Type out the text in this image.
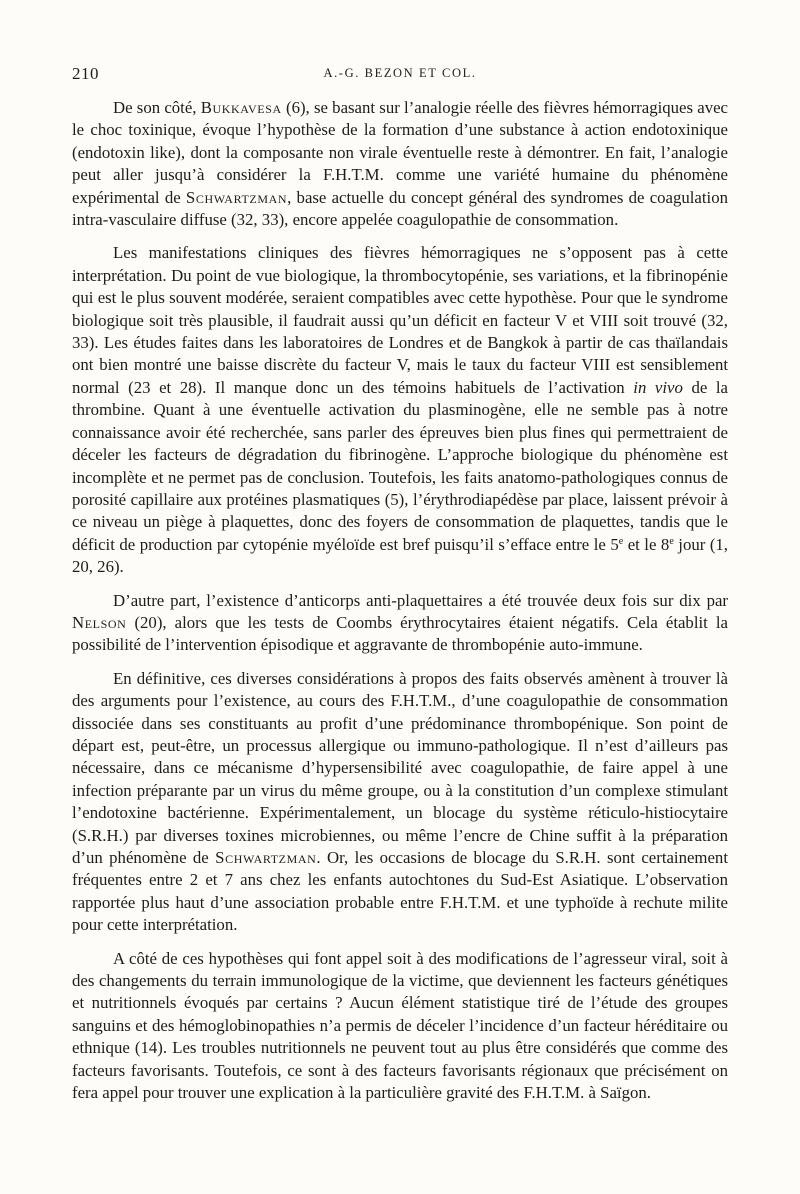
210	A.-G. BEZON ET COL.

De son côté, Bukkavesa (6), se basant sur l’analogie réelle des fièvres hémorragiques avec le choc toxinique, évoque l’hypothèse de la formation d’une substance à action endotoxinique (endotoxin like), dont la composante non virale éventuelle reste à démontrer. En fait, l’analogie peut aller jusqu’à considérer la F.H.T.M. comme une variété humaine du phénomène expérimental de Schwartzman, base actuelle du concept général des syndromes de coagulation intra-vasculaire diffuse (32, 33), encore appelée coagulopathie de consommation.

Les manifestations cliniques des fièvres hémorragiques ne s’opposent pas à cette interprétation. Du point de vue biologique, la thrombocytopénie, ses variations, et la fibrinopénie qui est le plus souvent modérée, seraient compatibles avec cette hypothèse. Pour que le syndrome biologique soit très plausible, il faudrait aussi qu’un déficit en facteur V et VIII soit trouvé (32, 33). Les études faites dans les laboratoires de Londres et de Bangkok à partir de cas thaïlandais ont bien montré une baisse discrète du facteur V, mais le taux du facteur VIII est sensiblement normal (23 et 28). Il manque donc un des témoins habituels de l’activation in vivo de la thrombine. Quant à une éventuelle activation du plasminogène, elle ne semble pas à notre connaissance avoir été recherchée, sans parler des épreuves bien plus fines qui permettraient de déceler les facteurs de dégradation du fibrinogène. L’approche biologique du phénomène est incomplète et ne permet pas de conclusion. Toutefois, les faits anatomo-pathologiques connus de porosité capillaire aux protéines plasmatiques (5), l’érythrodiapédèse par place, laissent prévoir à ce niveau un piège à plaquettes, donc des foyers de consommation de plaquettes, tandis que le déficit de production par cytopénie myéloïde est bref puisqu’il s’efface entre le 5e et le 8e jour (1, 20, 26).

D’autre part, l’existence d’anticorps anti-plaquettaires a été trouvée deux fois sur dix par Nelson (20), alors que les tests de Coombs érythrocytaires étaient négatifs. Cela établit la possibilité de l’intervention épisodique et aggravante de thrombopénie auto-immune.

En définitive, ces diverses considérations à propos des faits observés amènent à trouver là des arguments pour l’existence, au cours des F.H.T.M., d’une coagulopathie de consommation dissociée dans ses constituants au profit d’une prédominance thrombopénique. Son point de départ est, peut-être, un processus allergique ou immuno-pathologique. Il n’est d’ailleurs pas nécessaire, dans ce mécanisme d’hypersensibilité avec coagulopathie, de faire appel à une infection préparante par un virus du même groupe, ou à la constitution d’un complexe stimulant l’endotoxine bactérienne. Expérimentalement, un blocage du système réticulo-histiocytaire (S.R.H.) par diverses toxines microbiennes, ou même l’encre de Chine suffit à la préparation d’un phénomène de Schwartzman. Or, les occasions de blocage du S.R.H. sont certainement fréquentes entre 2 et 7 ans chez les enfants autochtones du Sud-Est Asiatique. L’observation rapportée plus haut d’une association probable entre F.H.T.M. et une typhoïde à rechute milite pour cette interprétation.

A côté de ces hypothèses qui font appel soit à des modifications de l’agresseur viral, soit à des changements du terrain immunologique de la victime, que deviennent les facteurs génétiques et nutritionnels évoqués par certains ? Aucun élément statistique tiré de l’étude des groupes sanguins et des hémoglobinopathies n’a permis de déceler l’incidence d’un facteur héréditaire ou ethnique (14). Les troubles nutritionnels ne peuvent tout au plus être considérés que comme des facteurs favorisants. Toutefois, ce sont à des facteurs favorisants régionaux que précisément on fera appel pour trouver une explication à la particulière gravité des F.H.T.M. à Saïgon.
